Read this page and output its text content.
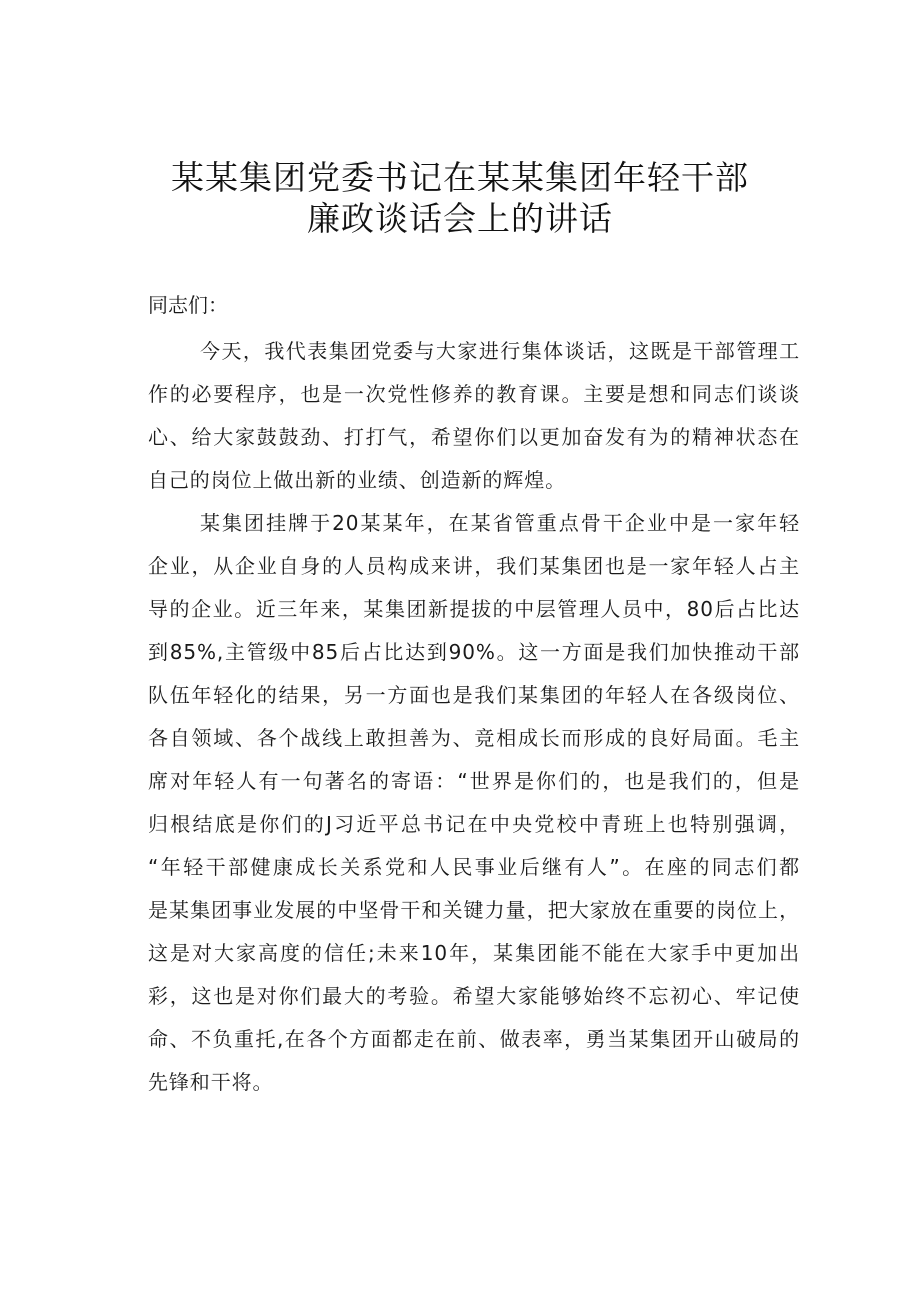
某某集团党委书记在某某集团年轻干部
廉政谈话会上的讲话
同志们：
今天，我代表集团党委与大家进行集体谈话，这既是干部管理工
作的必要程序，也是一次党性修养的教育课。主要是想和同志们谈谈
心、给大家鼓鼓劲、打打气，希望你们以更加奋发有为的精神状态在
自己的岗位上做出新的业绩、创造新的辉煌。
某集团挂牌于20某某年，在某省管重点骨干企业中是一家年轻
企业，从企业自身的人员构成来讲，我们某集团也是一家年轻人占主
导的企业。近三年来，某集团新提拔的中层管理人员中，80后占比达
到85%,主管级中85后占比达到90%。这一方面是我们加快推动干部
队伍年轻化的结果，另一方面也是我们某集团的年轻人在各级岗位、
各自领域、各个战线上敢担善为、竞相成长而形成的良好局面。毛主
席对年轻人有一句著名的寄语：“世界是你们的，也是我们的，但是
归根结底是你们的J习近平总书记在中央党校中青班上也特别强调，
“年轻干部健康成长关系党和人民事业后继有人”。在座的同志们都
是某集团事业发展的中坚骨干和关键力量，把大家放在重要的岗位上，
这是对大家高度的信任;未来10年，某集团能不能在大家手中更加出
彩，这也是对你们最大的考验。希望大家能够始终不忘初心、牢记使
命、不负重托,在各个方面都走在前、做表率，勇当某集团开山破局的
先锋和干将。
